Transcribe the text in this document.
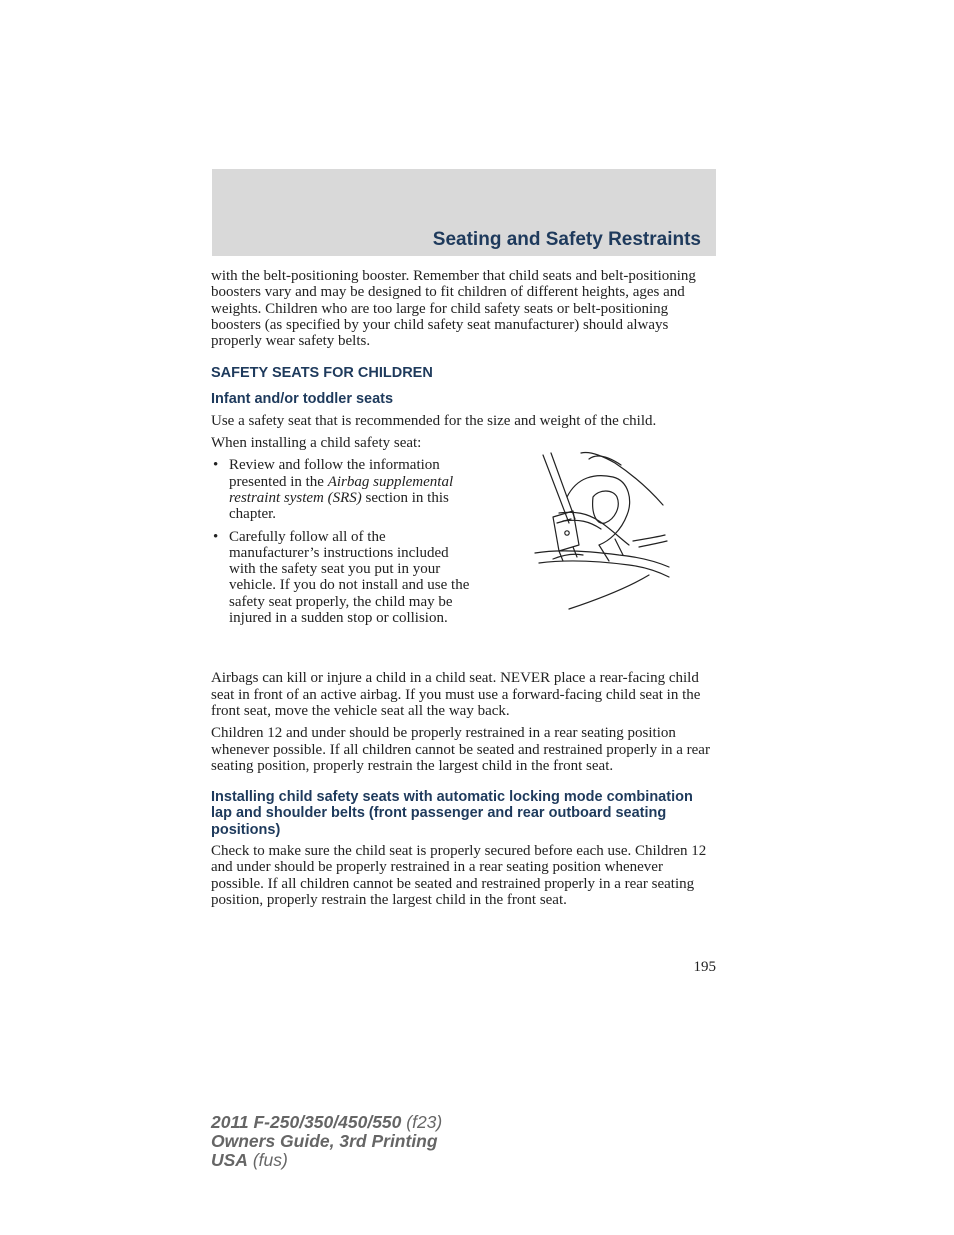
Seating and Safety Restraints

with the belt-positioning booster. Remember that child seats and belt-positioning boosters vary and may be designed to fit children of different heights, ages and weights. Children who are too large for child safety seats or belt-positioning boosters (as specified by your child safety seat manufacturer) should always properly wear safety belts.

SAFETY SEATS FOR CHILDREN
Infant and/or toddler seats

Use a safety seat that is recommended for the size and weight of the child.

When installing a child safety seat:

• Review and follow the information presented in the Airbag supplemental restraint system (SRS) section in this chapter.
• Carefully follow all of the manufacturer’s instructions included with the safety seat you put in your vehicle. If you do not install and use the safety seat properly, the child may be injured in a sudden stop or collision.

Airbags can kill or injure a child in a child seat. NEVER place a rear-facing child seat in front of an active airbag. If you must use a forward-facing child seat in the front seat, move the vehicle seat all the way back.

Children 12 and under should be properly restrained in a rear seating position whenever possible. If all children cannot be seated and restrained properly in a rear seating position, properly restrain the largest child in the front seat.

Installing child safety seats with automatic locking mode combination lap and shoulder belts (front passenger and rear outboard seating positions)

Check to make sure the child seat is properly secured before each use. Children 12 and under should be properly restrained in a rear seating position whenever possible. If all children cannot be seated and restrained properly in a rear seating position, properly restrain the largest child in the front seat.

195
2011 F-250/350/450/550 (f23)
Owners Guide, 3rd Printing
USA (fus)
